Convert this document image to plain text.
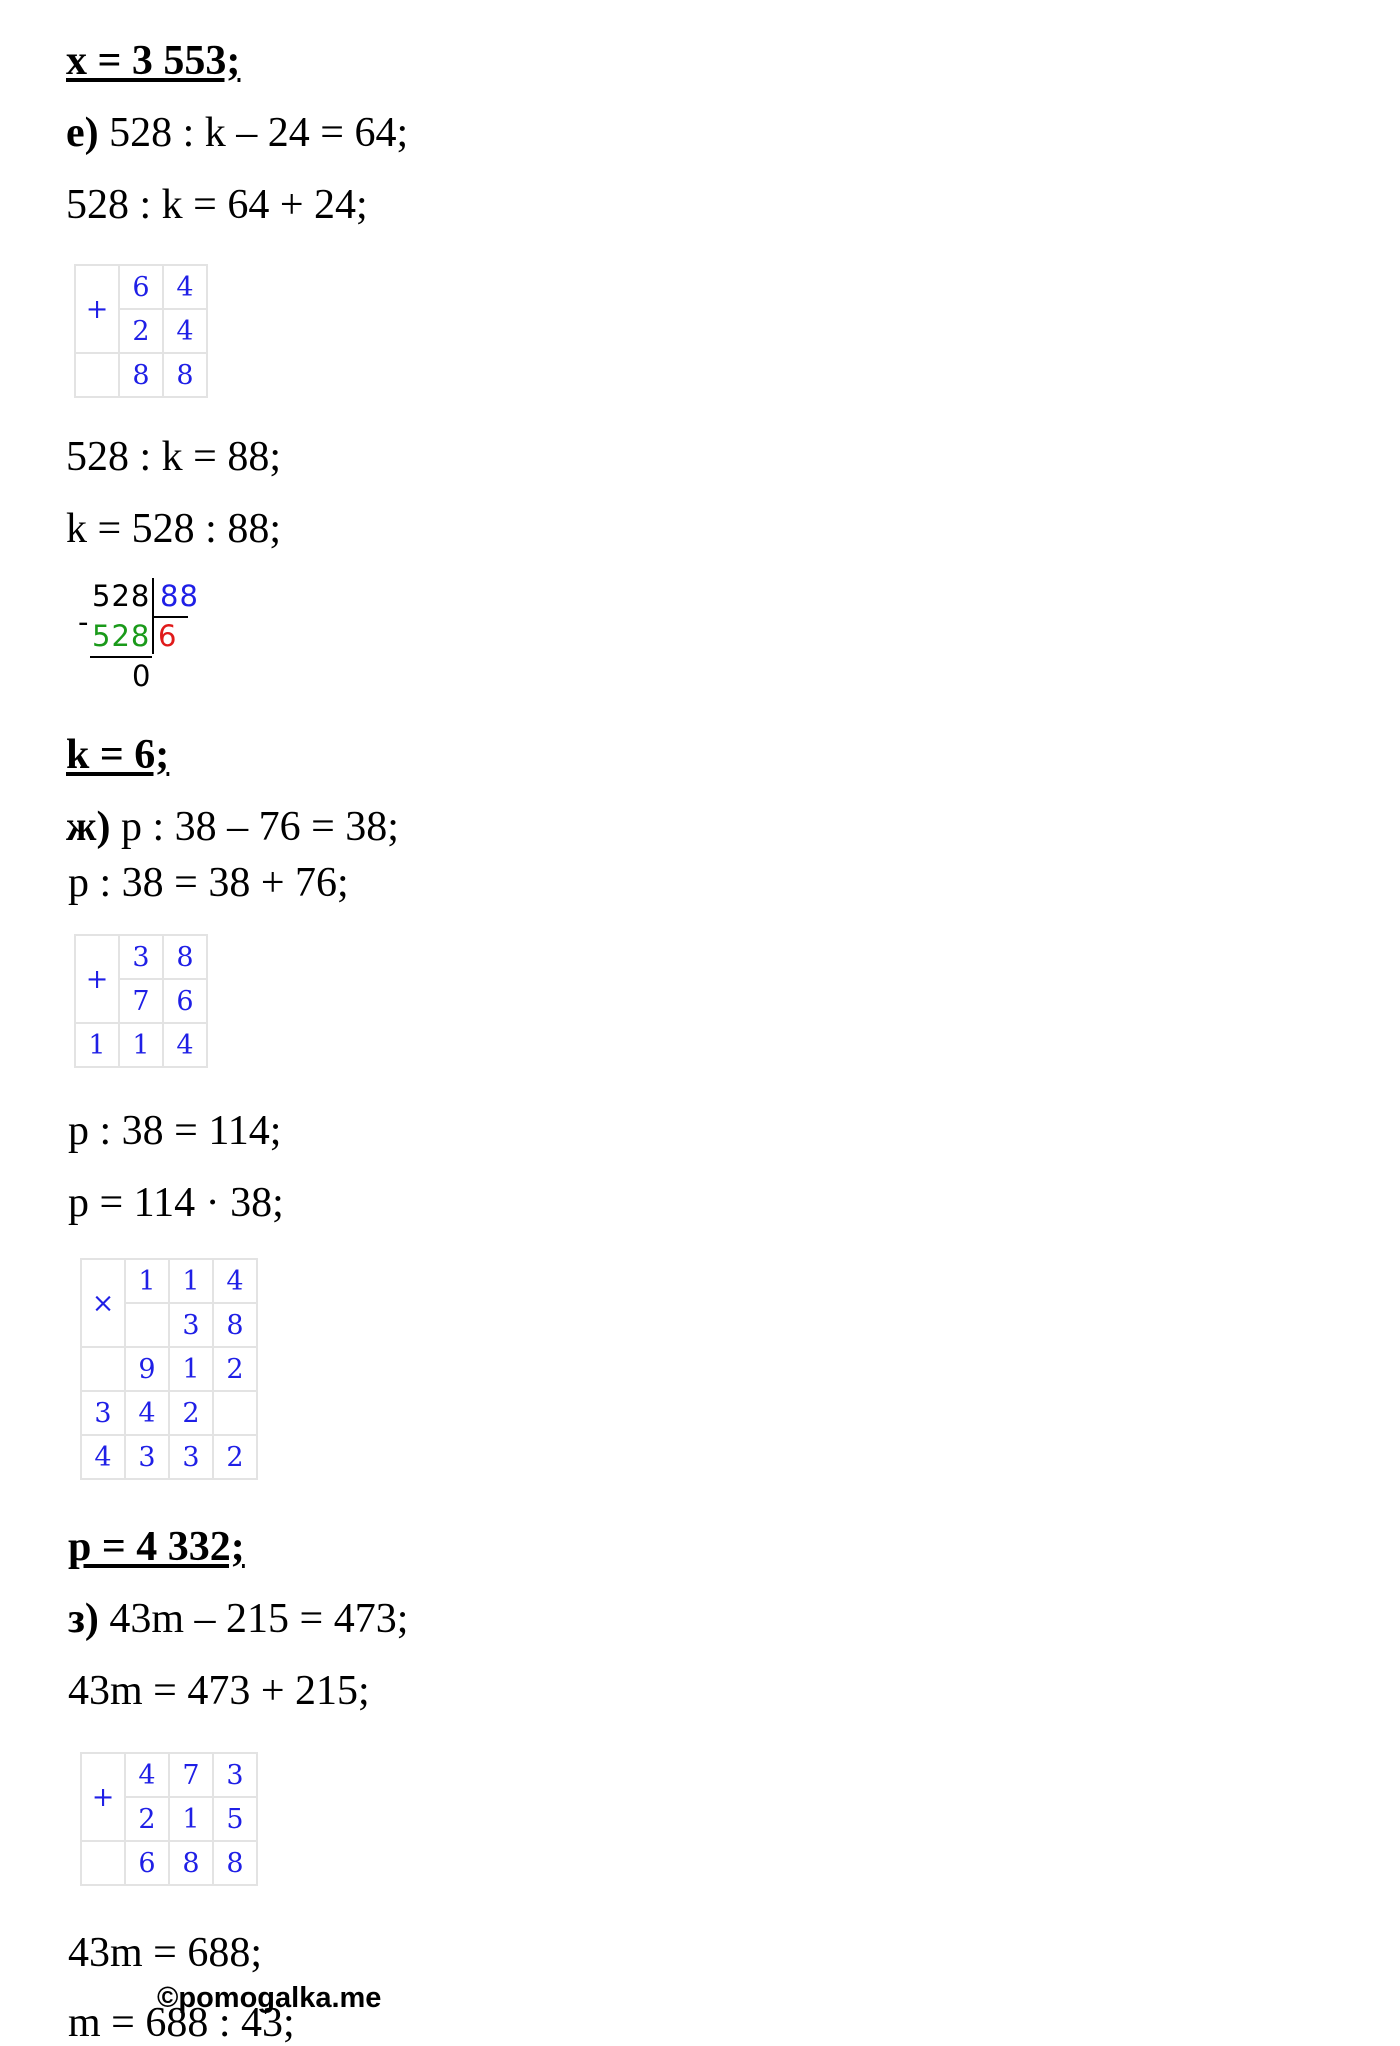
x = 3 553;
е) 528 : k – 24 = 64;
528 : k = 64 + 24;
+	6	4
	2	4
	8	8
528 : k = 88;
k = 528 : 88;
528 88
- 528 6
0
k = 6;
ж) p : 38 – 76 = 38;
p : 38 = 38 + 76;
+	3	8
	7	6
1	1	4
p : 38 = 114;
p = 114 · 38;
×	1	1	4
		3	8
	9	1	2
3	4	2	
4	3	3	2
p = 4 332;
з) 43m – 215 = 473;
43m = 473 + 215;
+	4	7	3
	2	1	5
	6	8	8
43m = 688;
m = 688 : 43;
©pomogalka.me
